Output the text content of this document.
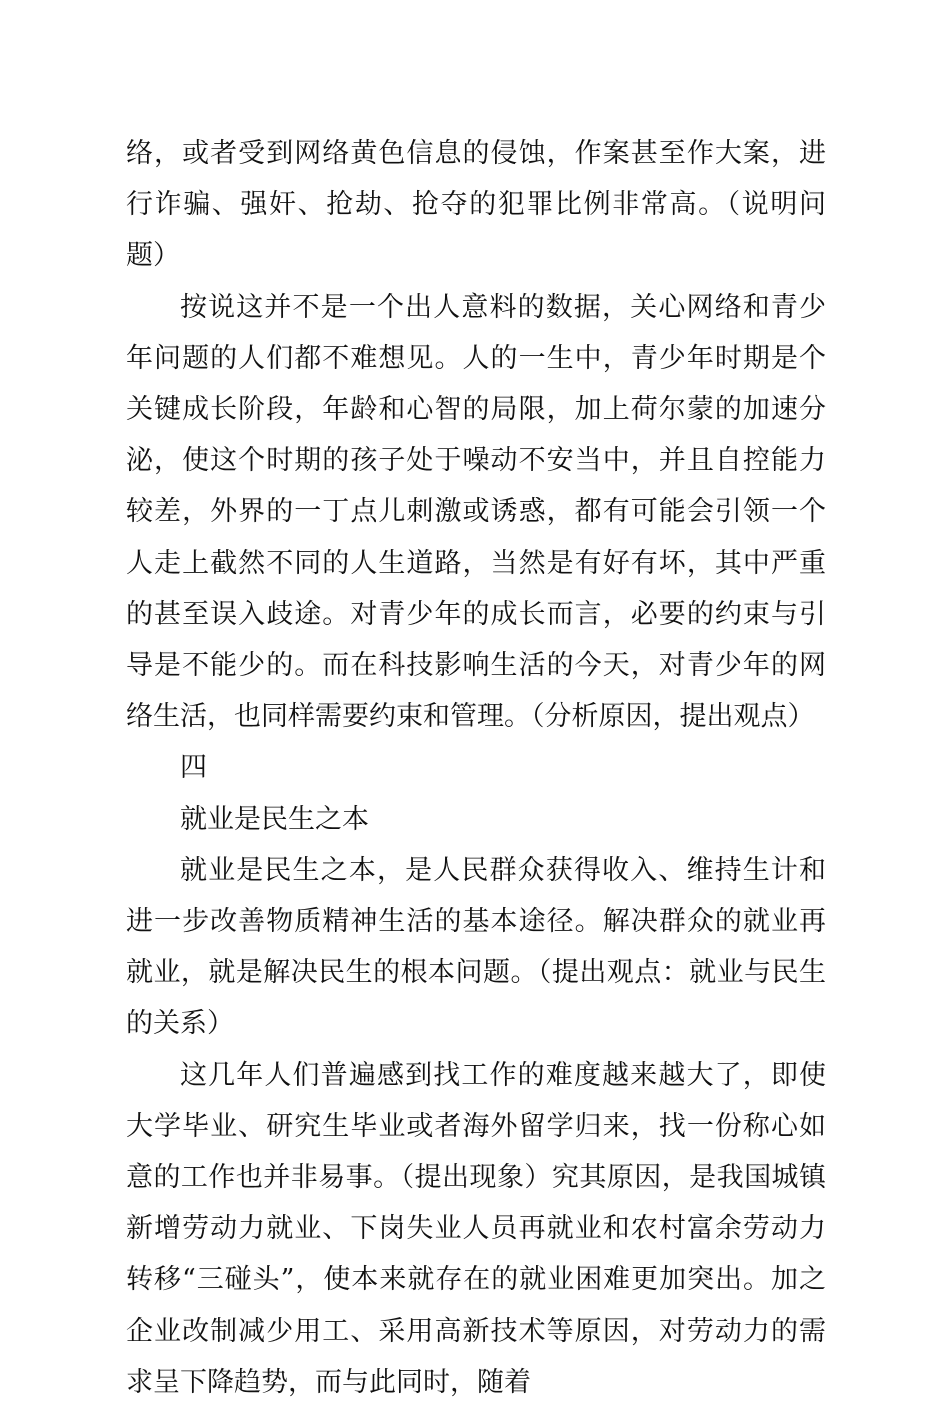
络，或者受到网络黄色信息的侵蚀，作案甚至作大案，进行诈骗、强奸、抢劫、抢夺的犯罪比例非常高。（说明问题）

按说这并不是一个出人意料的数据，关心网络和青少年问题的人们都不难想见。人的一生中，青少年时期是个关键成长阶段，年龄和心智的局限，加上荷尔蒙的加速分泌，使这个时期的孩子处于噪动不安当中，并且自控能力较差，外界的一丁点儿刺激或诱惑，都有可能会引领一个人走上截然不同的人生道路，当然是有好有坏，其中严重的甚至误入歧途。对青少年的成长而言，必要的约束与引导是不能少的。而在科技影响生活的今天，对青少年的网络生活，也同样需要约束和管理。（分析原因，提出观点）

四

就业是民生之本

就业是民生之本，是人民群众获得收入、维持生计和进一步改善物质精神生活的基本途径。解决群众的就业再就业，就是解决民生的根本问题。（提出观点：就业与民生的关系）

这几年人们普遍感到找工作的难度越来越大了，即使大学毕业、研究生毕业或者海外留学归来，找一份称心如意的工作也并非易事。（提出现象）究其原因，是我国城镇新增劳动力就业、下岗失业人员再就业和农村富余劳动力转移“三碰头”，使本来就存在的就业困难更加突出。加之企业改制减少用工、采用高新技术等原因，对劳动力的需求呈下降趋势，而与此同时，随着
